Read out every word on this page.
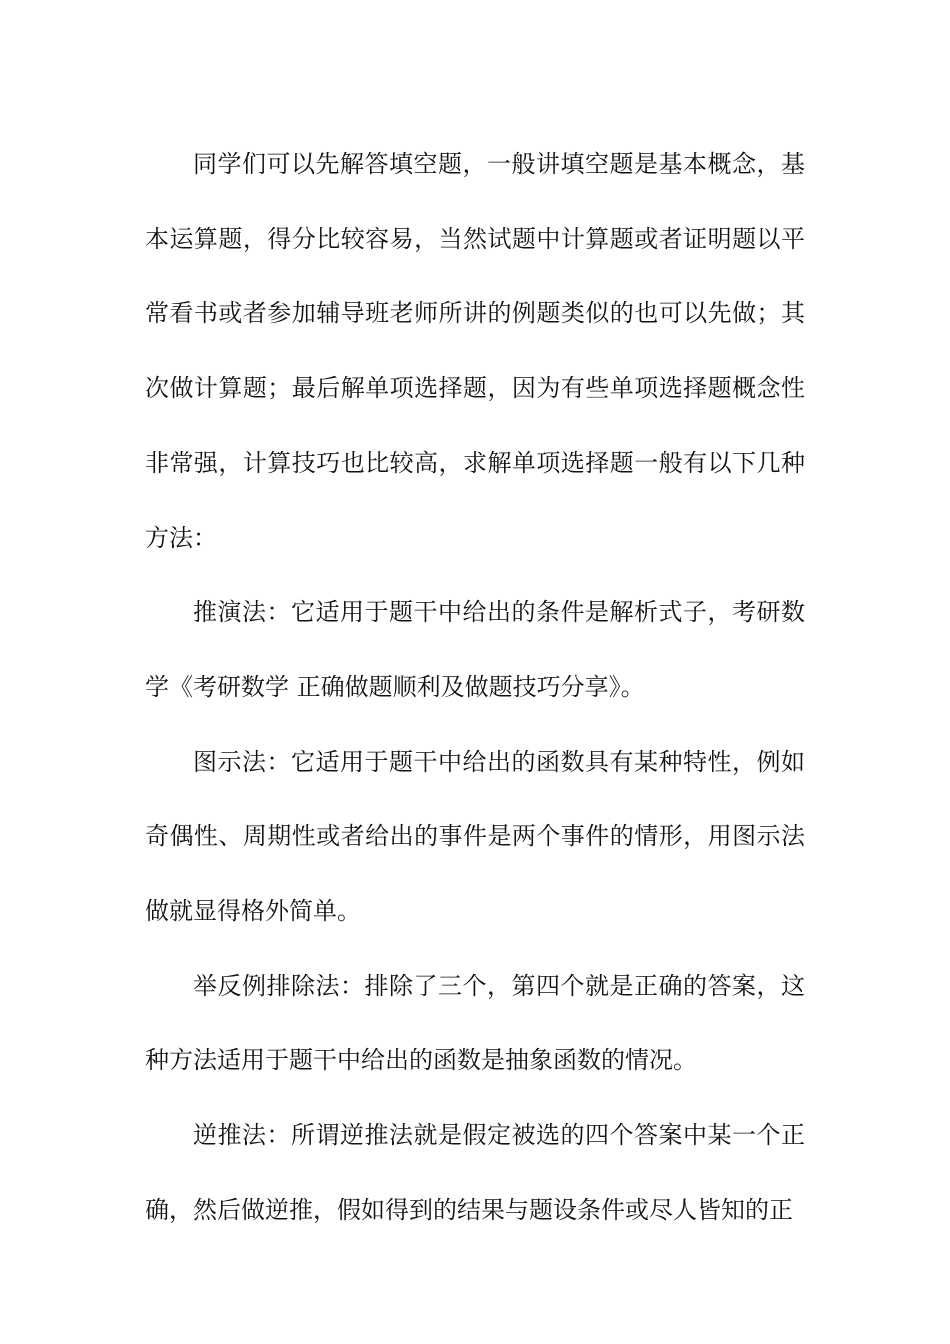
同学们可以先解答填空题，一般讲填空题是基本概念，基本运算题，得分比较容易，当然试题中计算题或者证明题以平常看书或者参加辅导班老师所讲的例题类似的也可以先做；其次做计算题；最后解单项选择题，因为有些单项选择题概念性非常强，计算技巧也比较高，求解单项选择题一般有以下几种方法：

推演法：它适用于题干中给出的条件是解析式子，考研数学《考研数学 正确做题顺利及做题技巧分享》。

图示法：它适用于题干中给出的函数具有某种特性，例如奇偶性、周期性或者给出的事件是两个事件的情形，用图示法做就显得格外简单。

举反例排除法：排除了三个，第四个就是正确的答案，这种方法适用于题干中给出的函数是抽象函数的情况。

逆推法：所谓逆推法就是假定被选的四个答案中某一个正确，然后做逆推，假如得到的结果与题设条件或尽人皆知的正
